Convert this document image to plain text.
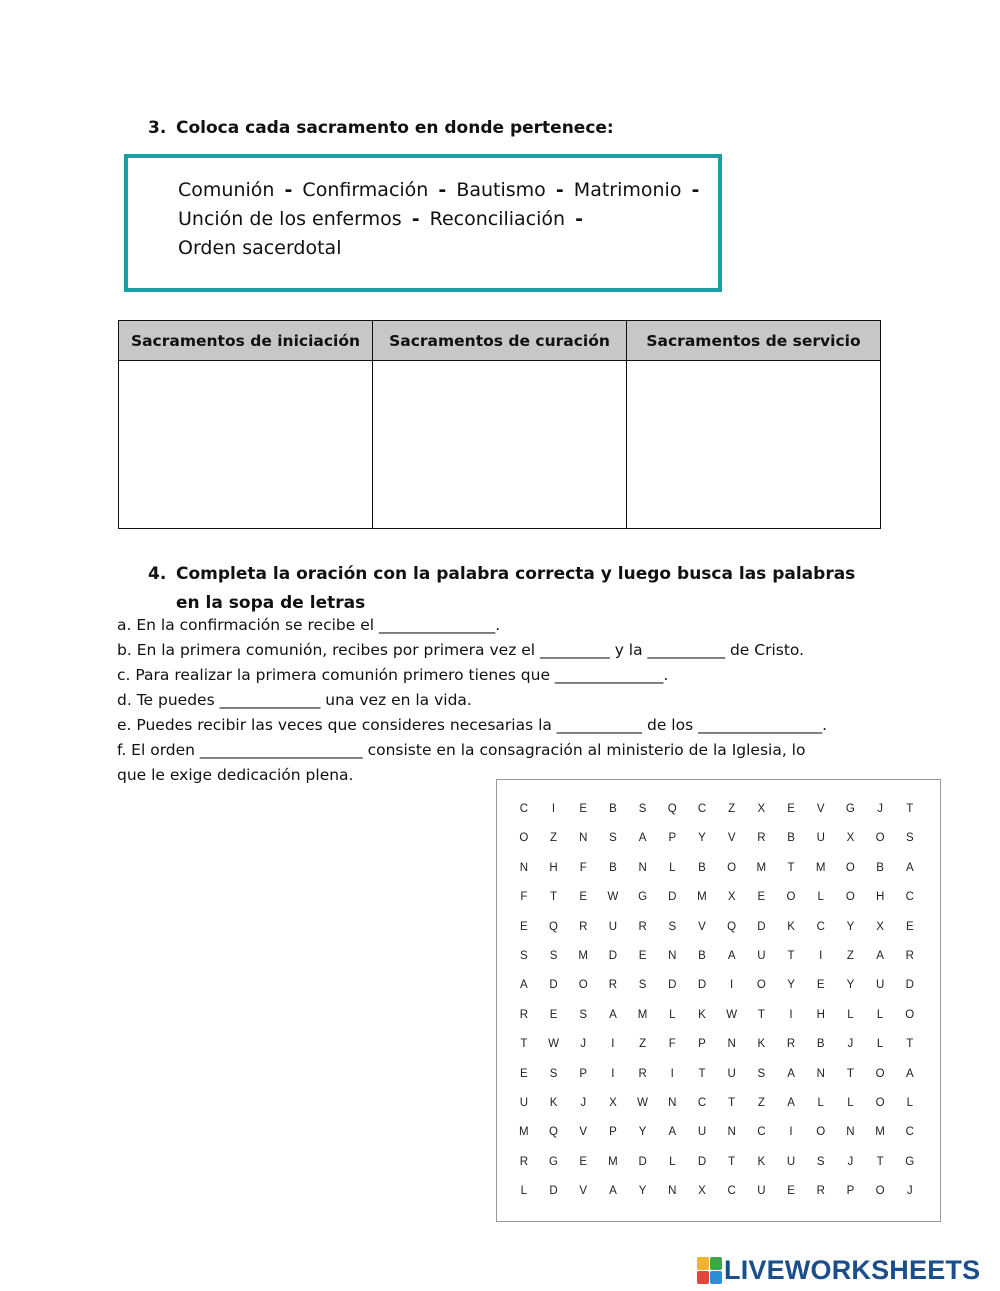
3. Coloca cada sacramento en donde pertenece:
Comunión - Confirmación - Bautismo - Matrimonio -
Unción de los enfermos - Reconciliación -
Orden sacerdotal
Sacramentos de iniciación	Sacramentos de curación	Sacramentos de servicio
4. Completa la oración con la palabra correcta y luego busca las palabras
en la sopa de letras
a. En la confirmación se recibe el _______________.
b. En la primera comunión, recibes por primera vez el _________ y la __________ de Cristo.
c. Para realizar la primera comunión primero tienes que ______________.
d. Te puedes _____________ una vez en la vida.
e. Puedes recibir las veces que consideres necesarias la ___________ de los ________________.
f. El orden _____________________ consiste en la consagración al ministerio de la Iglesia, lo
que le exige dedicación plena.
C	I	E	B	S	Q	C	Z	X	E	V	G	J	T
O	Z	N	S	A	P	Y	V	R	B	U	X	O	S
N	H	F	B	N	L	B	O	M	T	M	O	B	A
F	T	E	W	G	D	M	X	E	O	L	O	H	C
E	Q	R	U	R	S	V	Q	D	K	C	Y	X	E
S	S	M	D	E	N	B	A	U	T	I	Z	A	R
A	D	O	R	S	D	D	I	O	Y	E	Y	U	D
R	E	S	A	M	L	K	W	T	I	H	L	L	O
T	W	J	I	Z	F	P	N	K	R	B	J	L	T
E	S	P	I	R	I	T	U	S	A	N	T	O	A
U	K	J	X	W	N	C	T	Z	A	L	L	O	L
M	Q	V	P	Y	A	U	N	C	I	O	N	M	C
R	G	E	M	D	L	D	T	K	U	S	J	T	G
L	D	V	A	Y	N	X	C	U	E	R	P	O	J
LIVEWORKSHEETS
